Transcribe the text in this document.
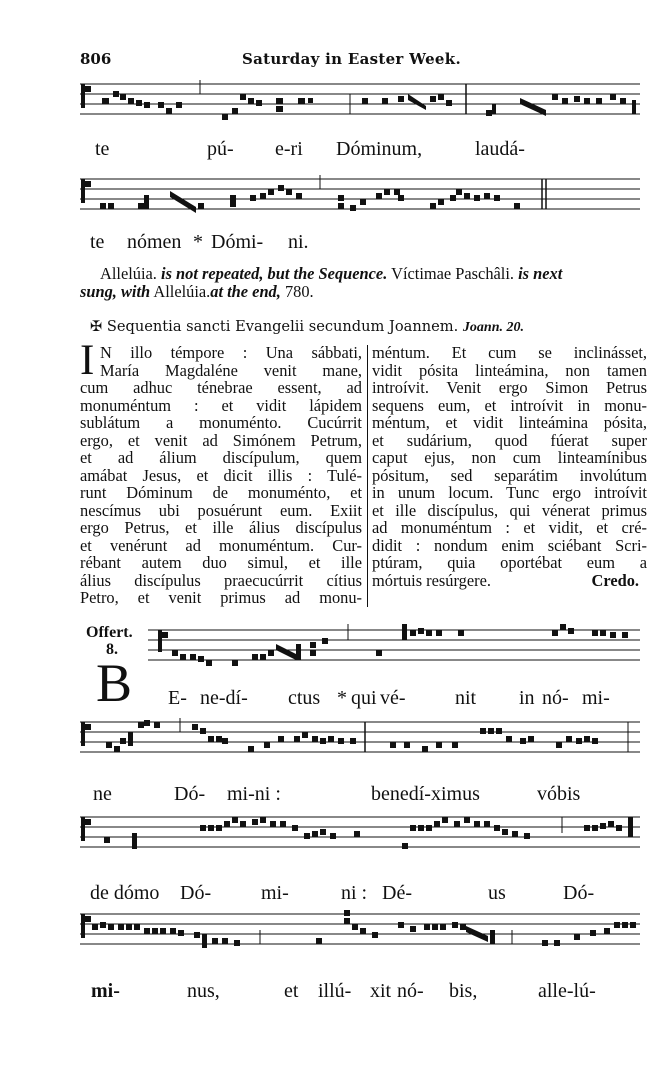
806	Saturday in Easter Week.
te	pú- e-ri Dóminum,	laudá-
te nómen * Dómi- ni.
Allelúia. is not repeated, but the Sequence. Víctimae Paschâli. is next
sung, with Allelúia.at the end, 780.
✠ Sequentia sancti Evangelii secundum Joannem. Joann. 20.
I N illo témpore : Una sábbati,
María Magdaléne venit mane,
cum adhuc ténebrae essent, ad
monuméntum : et vidit lápidem
sublátum a monuménto. Cucúrrit
ergo, et venit ad Simónem Petrum,
et ad álium discípulum, quem
amábat Jesus, et dicit illis : Tulé-
runt Dóminum de monuménto, et
nescímus ubi posuérunt eum. Exiit
ergo Petrus, et ille álius discípulus
et venérunt ad monuméntum. Cur-
rébant autem duo simul, et ille
álius discípulus praecucúrrit cítius
Petro, et venit primus ad monu-
méntum. Et cum se inclinásset,
vidit pósita linteámina, non tamen
introívit. Venit ergo Simon Petrus
sequens eum, et introívit in monu-
méntum, et vidit linteámina pósita,
et sudárium, quod fúerat super
caput ejus, non cum linteamínibus
pósitum, sed separátim involútum
in unum locum. Tunc ergo introívit
et ille discípulus, qui vénerat primus
ad monuméntum : et vidit, et cré-
didit : nondum enim sciébant Scri-
ptúram, quia oportébat eum a
mórtuis resúrgere.	Credo.
Offert.
8.
B E- ne-dí- ctus * qui vé- nit in nó- mi-
ne	Dó- mi-ni :	benedí-ximus	vóbis
de dómo Dó- mi-	ni : Dé-	us	Dó-
mi-	nus,	et illú- xit nó- bis,	alle-lú-
